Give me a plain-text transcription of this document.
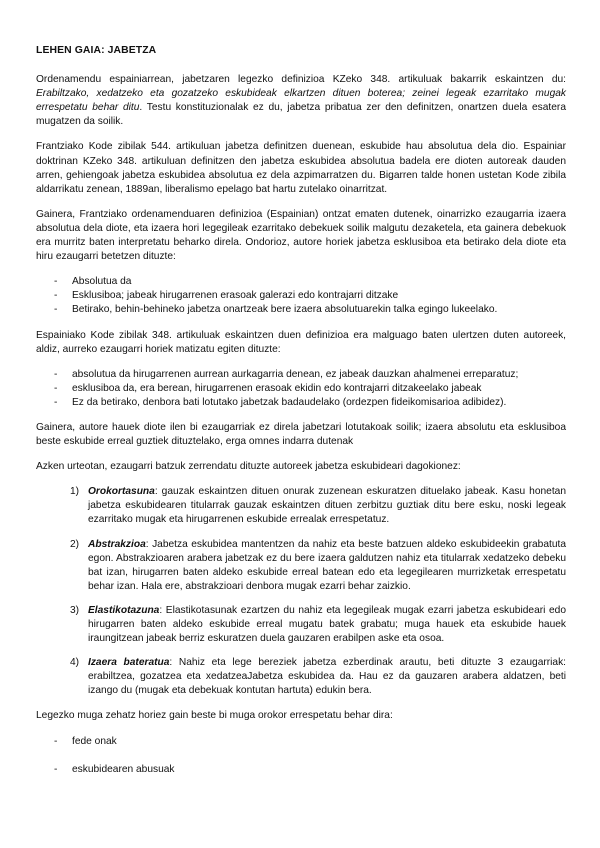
LEHEN GAIA: JABETZA

Ordenamendu espainiarrean, jabetzaren legezko definizioa KZeko 348. artikuluak bakarrik eskaintzen du: Erabiltzako, xedatzeko eta gozatzeko eskubideak elkartzen dituen boterea; zeinei legeak ezarritako mugak errespetatu behar ditu. Testu konstituzionalak ez du, jabetza pribatua zer den definitzen, onartzen duela esatera mugatzen da soilik.

Frantziako Kode zibilak 544. artikuluan jabetza definitzen duenean, eskubide hau absolutua dela dio. Espainiar doktrinan KZeko 348. artikuluan definitzen den jabetza eskubidea absolutua badela ere dioten autoreak dauden arren, gehiengoak jabetza eskubidea absolutua ez dela azpimarratzen du. Bigarren talde honen ustetan Kode zibila aldarrikatu zenean, 1889an, liberalismo epelago bat hartu zutelako oinarritzat.

Gainera, Frantziako ordenamenduaren definizioa (Espainian) ontzat ematen dutenek, oinarrizko ezaugarria izaera absolutua dela diote, eta izaera hori legegileak ezarritako debekuek soilik malgutu dezaketela, eta gainera debekuok era murritz baten interpretatu beharko direla. Ondorioz, autore horiek jabetza esklusiboa eta betirako dela diote eta hiru ezaugarri betetzen dituzte:

- Absolutua da
- Esklusiboa; jabeak hirugarrenen erasoak galerazi edo kontrajarri ditzake
- Betirako, behin-behineko jabetza onartzeak bere izaera absolutuarekin talka egingo lukeelako.

Espainiako Kode zibilak 348. artikuluak eskaintzen duen definizioa era malguago baten ulertzen duten autoreek, aldiz, aurreko ezaugarri horiek matizatu egiten dituzte:

- absolutua da hirugarrenen aurrean aurkagarria denean, ez jabeak dauzkan ahalmenei erreparatuz;
- esklusiboa da, era berean, hirugarrenen erasoak ekidin edo kontrajarri ditzakeelako jabeak
- Ez da betirako, denbora bati lotutako jabetzak badaudelako (ordezpen fideikomisarioa adibidez).

Gainera, autore hauek diote ilen bi ezaugarriak ez direla jabetzari lotutakoak soilik; izaera absolutu eta esklusiboa beste eskubide erreal guztiek dituztelako, erga omnes indarra dutenak

Azken urteotan, ezaugarri batzuk zerrendatu dituzte autoreek jabetza eskubideari dagokionez:

1) Orokortasuna: gauzak eskaintzen dituen onurak zuzenean eskuratzen dituelako jabeak. Kasu honetan jabetza eskubidearen titularrak gauzak eskaintzen dituen zerbitzu guztiak ditu bere esku, noski legeak ezarritako mugak eta hirugarrenen eskubide errealak errespetatuz.
2) Abstrakzioa: Jabetza eskubidea mantentzen da nahiz eta beste batzuen aldeko eskubideekin grabatuta egon. Abstrakzioaren arabera jabetzak ez du bere izaera galdutzen nahiz eta titularrak xedatzeko debeku bat izan, hirugarren baten aldeko eskubide erreal batean edo eta legegilearen murrizketak errespetatu behar izan. Hala ere, abstrakzioari denbora mugak ezarri behar zaizkio.
3) Elastikotazuna: Elastikotasunak ezartzen du nahiz eta legegileak mugak ezarri jabetza eskubideari edo hirugarren baten aldeko eskubide erreal mugatu batek grabatu; muga hauek eta eskubide hauek iraungitzean jabeak berriz eskuratzen duela gauzaren erabilpen aske eta osoa.
4) Izaera bateratua: Nahiz eta lege bereziek jabetza ezberdinak arautu, beti dituzte 3 ezaugarriak: erabiltzea, gozatzea eta xedatzeaJabetza eskubidea da. Hau ez da gauzaren arabera aldatzen, beti izango du (mugak eta debekuak kontutan hartuta) edukin bera.

Legezko muga zehatz horiez gain beste bi muga orokor errespetatu behar dira:

- fede onak
- eskubidearen abusuak
